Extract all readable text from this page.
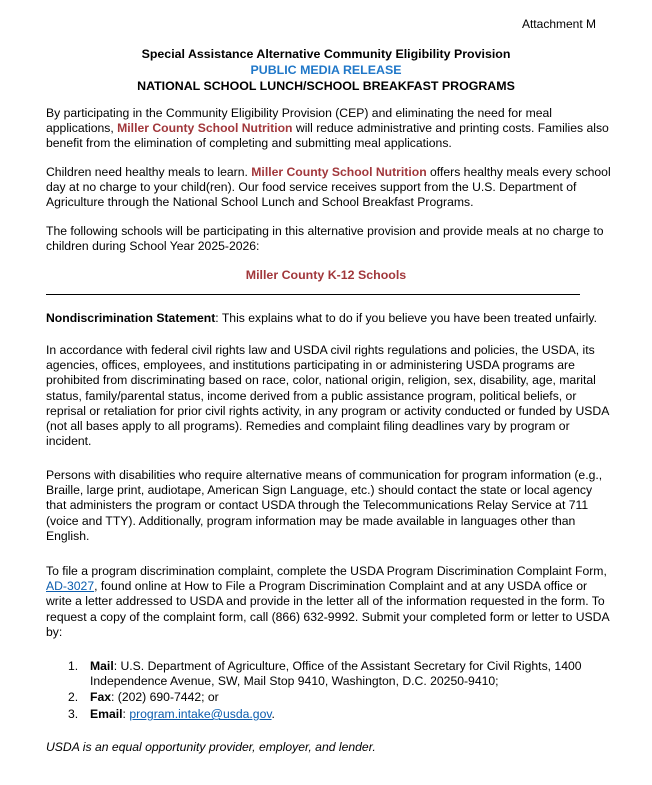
Attachment M
Special Assistance Alternative Community Eligibility Provision
PUBLIC MEDIA RELEASE
NATIONAL SCHOOL LUNCH/SCHOOL BREAKFAST PROGRAMS

By participating in the Community Eligibility Provision (CEP) and eliminating the need for meal applications, Miller County School Nutrition will reduce administrative and printing costs. Families also benefit from the elimination of completing and submitting meal applications.

Children need healthy meals to learn. Miller County School Nutrition offers healthy meals every school day at no charge to your child(ren). Our food service receives support from the U.S. Department of Agriculture through the National School Lunch and School Breakfast Programs.

The following schools will be participating in this alternative provision and provide meals at no charge to children during School Year 2025-2026:

Miller County K-12 Schools

Nondiscrimination Statement: This explains what to do if you believe you have been treated unfairly.

In accordance with federal civil rights law and USDA civil rights regulations and policies, the USDA, its agencies, offices, employees, and institutions participating in or administering USDA programs are prohibited from discriminating based on race, color, national origin, religion, sex, disability, age, marital status, family/parental status, income derived from a public assistance program, political beliefs, or reprisal or retaliation for prior civil rights activity, in any program or activity conducted or funded by USDA (not all bases apply to all programs). Remedies and complaint filing deadlines vary by program or incident.

Persons with disabilities who require alternative means of communication for program information (e.g., Braille, large print, audiotape, American Sign Language, etc.) should contact the state or local agency that administers the program or contact USDA through the Telecommunications Relay Service at 711 (voice and TTY). Additionally, program information may be made available in languages other than English.

To file a program discrimination complaint, complete the USDA Program Discrimination Complaint Form, AD-3027, found online at How to File a Program Discrimination Complaint and at any USDA office or write a letter addressed to USDA and provide in the letter all of the information requested in the form. To request a copy of the complaint form, call (866) 632-9992. Submit your completed form or letter to USDA by:

1. Mail: U.S. Department of Agriculture, Office of the Assistant Secretary for Civil Rights, 1400 Independence Avenue, SW, Mail Stop 9410, Washington, D.C. 20250-9410;
2. Fax: (202) 690-7442; or
3. Email: program.intake@usda.gov.
USDA is an equal opportunity provider, employer, and lender.
